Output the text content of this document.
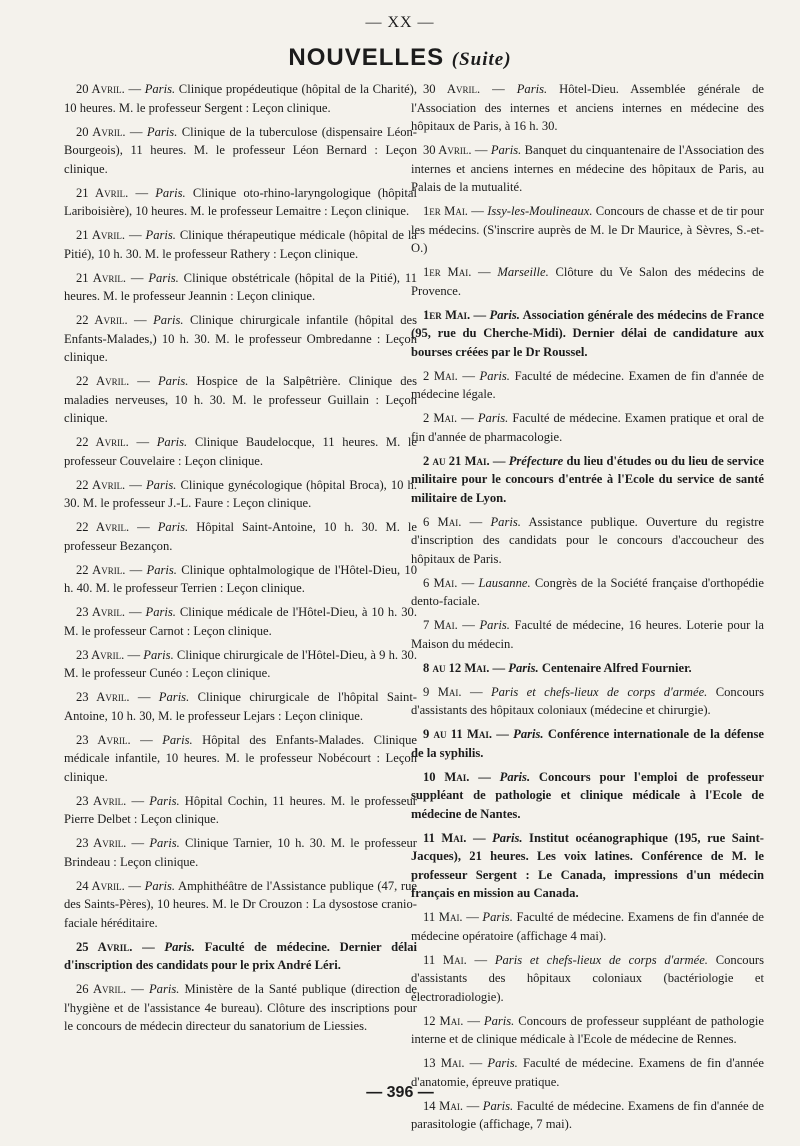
— XX —
NOUVELLES (Suite)

20 Avril. — Paris. Clinique propédeutique (hôpital de la Charité), 10 heures. M. le professeur Sergent : Leçon clinique.

20 Avril. — Paris. Clinique de la tuberculose (dispensaire Léon-Bourgeois), 11 heures. M. le professeur Léon Bernard : Leçon clinique.

21 Avril. — Paris. Clinique oto-rhino-laryngologique (hôpital Lariboisière), 10 heures. M. le professeur Lemaitre : Leçon clinique.

21 Avril. — Paris. Clinique thérapeutique médicale (hôpital de la Pitié), 10 h. 30. M. le professeur Rathery : Leçon clinique.

21 Avril. — Paris. Clinique obstétricale (hôpital de la Pitié), 11 heures. M. le professeur Jeannin : Leçon clinique.

22 Avril. — Paris. Clinique chirurgicale infantile (hôpital des Enfants-Malades,) 10 h. 30. M. le professeur Ombredanne : Leçon clinique.

22 Avril. — Paris. Hospice de la Salpêtrière. Clinique des maladies nerveuses, 10 h. 30. M. le professeur Guillain : Leçon clinique.

22 Avril. — Paris. Clinique Baudelocque, 11 heures. M. le professeur Couvelaire : Leçon clinique.

22 Avril. — Paris. Clinique gynécologique (hôpital Broca), 10 h. 30. M. le professeur J.-L. Faure : Leçon clinique.

22 Avril. — Paris. Hôpital Saint-Antoine, 10 h. 30. M. le professeur Bezançon.

22 Avril. — Paris. Clinique ophtalmologique de l'Hôtel-Dieu, 10 h. 40. M. le professeur Terrien : Leçon clinique.

23 Avril. — Paris. Clinique médicale de l'Hôtel-Dieu, à 10 h. 30. M. le professeur Carnot : Leçon clinique.

23 Avril. — Paris. Clinique chirurgicale de l'Hôtel-Dieu, à 9 h. 30. M. le professeur Cunéo : Leçon clinique.

23 Avril. — Paris. Clinique chirurgicale de l'hôpital Saint-Antoine, 10 h. 30, M. le professeur Lejars : Leçon clinique.

23 Avril. — Paris. Hôpital des Enfants-Malades. Clinique médicale infantile, 10 heures. M. le professeur Nobécourt : Leçon clinique.

23 Avril. — Paris. Hôpital Cochin, 11 heures. M. le professeur Pierre Delbet : Leçon clinique.

23 Avril. — Paris. Clinique Tarnier, 10 h. 30. M. le professeur Brindeau : Leçon clinique.

24 Avril. — Paris. Amphithéâtre de l'Assistance publique (47, rue des Saints-Pères), 10 heures. M. le Dr Crouzon : La dysostose cranio-faciale héréditaire.

25 Avril. — Paris. Faculté de médecine. Dernier délai d'inscription des candidats pour le prix André Léri.

26 Avril. — Paris. Ministère de la Santé publique (direction de l'hygiène et de l'assistance 4e bureau). Clôture des inscriptions pour le concours de médecin directeur du sanatorium de Liessies.

30 Avril. — Paris. Hôtel-Dieu. Assemblée générale de l'Association des internes et anciens internes en médecine des hôpitaux de Paris, à 16 h. 30.

30 Avril. — Paris. Banquet du cinquantenaire de l'Association des internes et anciens internes en médecine des hôpitaux de Paris, au Palais de la mutualité.

1er Mai. — Issy-les-Moulineaux. Concours de chasse et de tir pour les médecins. (S'inscrire auprès de M. le Dr Maurice, à Sèvres, S.-et-O.)

1er Mai. — Marseille. Clôture du Ve Salon des médecins de Provence.

1er Mai. — Paris. Association générale des médecins de France (95, rue du Cherche-Midi). Dernier délai de candidature aux bourses créées par le Dr Roussel.

2 Mai. — Paris. Faculté de médecine. Examen de fin d'année de médecine légale.

2 Mai. — Paris. Faculté de médecine. Examen pratique et oral de fin d'année de pharmacologie.

2 au 21 Mai. — Préfecture du lieu d'études ou du lieu de service militaire pour le concours d'entrée à l'Ecole du service de santé militaire de Lyon.

6 Mai. — Paris. Assistance publique. Ouverture du registre d'inscription des candidats pour le concours d'accoucheur des hôpitaux de Paris.

6 Mai. — Lausanne. Congrès de la Société française d'orthopédie dento-faciale.

7 Mai. — Paris. Faculté de médecine, 16 heures. Loterie pour la Maison du médecin.

8 au 12 Mai. — Paris. Centenaire Alfred Fournier.

9 Mai. — Paris et chefs-lieux de corps d'armée. Concours d'assistants des hôpitaux coloniaux (médecine et chirurgie).

9 au 11 Mai. — Paris. Conférence internationale de la défense de la syphilis.

10 Mai. — Paris. Concours pour l'emploi de professeur suppléant de pathologie et clinique médicale à l'Ecole de médecine de Nantes.

11 Mai. — Paris. Institut océanographique (195, rue Saint-Jacques), 21 heures. Les voix latines. Conférence de M. le professeur Sergent : Le Canada, impressions d'un médecin français en mission au Canada.

11 Mai. — Paris. Faculté de médecine. Examens de fin d'année de médecine opératoire (affichage 4 mai).

11 Mai. — Paris et chefs-lieux de corps d'armée. Concours d'assistants des hôpitaux coloniaux (bactériologie et électroradiologie).

12 Mai. — Paris. Concours de professeur suppléant de pathologie interne et de clinique médicale à l'Ecole de médecine de Rennes.

13 Mai. — Paris. Faculté de médecine. Examens de fin d'année d'anatomie, épreuve pratique.

14 Mai. — Paris. Faculté de médecine. Examens de fin d'année de parasitologie (affichage, 7 mai).

— 396 —
